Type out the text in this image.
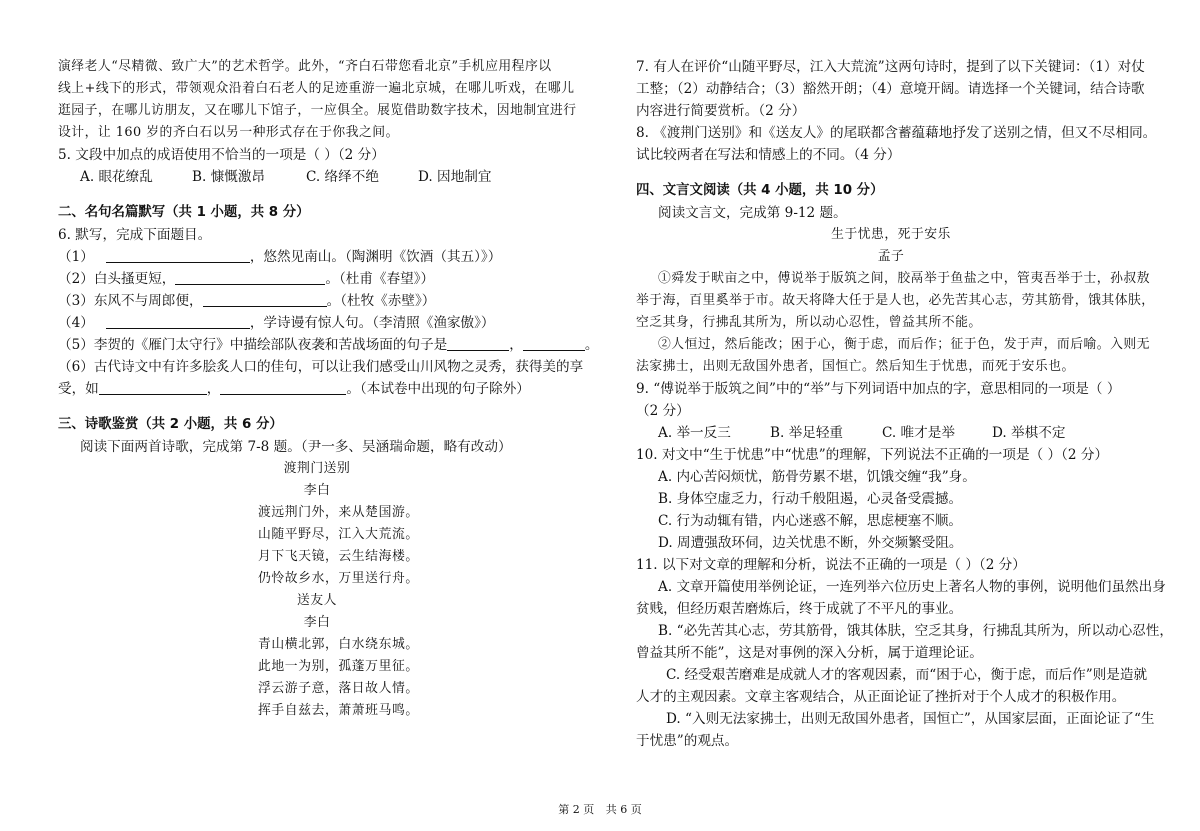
演绎老人“尽精微、致广大”的艺术哲学。此外，“齐白石带您看北京”手机应用程序以
线上+线下的形式，带领观众沿着白石老人的足迹重游一遍北京城，在哪儿听戏，在哪儿
逛园子，在哪儿访朋友，又在哪儿下馆子，一应俱全。展览借助数字技术，因地制宜进行
设计，让 160 岁的齐白石以另一种形式存在于你我之间。
5. 文段中加点的成语使用不恰当的一项是（ ）（2 分）
A. 眼花缭乱	B. 慷慨激昂	C. 络绎不绝	D. 因地制宜
二、名句名篇默写（共 1 小题，共 8 分）
6. 默写，完成下面题目。
（1）	，悠然见南山。（陶渊明《饮酒（其五）》）
（2）白头搔更短，	。（杜甫《春望》）
（3）东风不与周郎便，	。（杜牧《赤壁》）
（4）	，学诗谩有惊人句。（李清照《渔家傲》）
（5）李贺的《雁门太守行》中描绘部队夜袭和苦战场面的句子是	，	。
（6）古代诗文中有许多脍炙人口的佳句，可以让我们感受山川风物之灵秀，获得美的享
受，如	，	。（本试卷中出现的句子除外）
三、诗歌鉴赏（共 2 小题，共 6 分）
阅读下面两首诗歌，完成第 7-8 题。（尹一多、吴涵瑞命题，略有改动）
渡荆门送别
李白
渡远荆门外，来从楚国游。
山随平野尽，江入大荒流。
月下飞天镜，云生结海楼。
仍怜故乡水，万里送行舟。
送友人
李白
青山横北郭，白水绕东城。
此地一为别，孤蓬万里征。
浮云游子意，落日故人情。
挥手自兹去，萧萧班马鸣。
7. 有人在评价“山随平野尽，江入大荒流”这两句诗时，提到了以下关键词：（1）对仗
工整；（2）动静结合；（3）豁然开朗；（4）意境开阔。请选择一个关键词，结合诗歌
内容进行简要赏析。（2 分）
8. 《渡荆门送别》和《送友人》的尾联都含蓄蕴藉地抒发了送别之情，但又不尽相同。
试比较两者在写法和情感上的不同。（4 分）
四、文言文阅读（共 4 小题，共 10 分）
阅读文言文，完成第 9-12 题。
生于忧患，死于安乐
孟子
①舜发于畎亩之中，傅说举于版筑之间，胶鬲举于鱼盐之中，管夷吾举于士，孙叔敖
举于海，百里奚举于市。故天将降大任于是人也，必先苦其心志，劳其筋骨，饿其体肤，
空乏其身，行拂乱其所为，所以动心忍性，曾益其所不能。
②人恒过，然后能改；困于心，衡于虑，而后作；征于色，发于声，而后喻。入则无
法家拂士，出则无敌国外患者，国恒亡。然后知生于忧患，而死于安乐也。
9. “傅说举于版筑之间”中的“举”与下列词语中加点的字，意思相同的一项是（ ）
（2 分）
A. 举一反三	B. 举足轻重	C. 唯才是举	D. 举棋不定
10. 对文中“生于忧患”中“忧患”的理解，下列说法不正确的一项是（ ）（2 分）
A. 内心苦闷烦忧，筋骨劳累不堪，饥饿交缠“我”身。
B. 身体空虚乏力，行动千般阻遏，心灵备受震撼。
C. 行为动辄有错，内心迷惑不解，思虑梗塞不顺。
D. 周遭强敌环伺，边关忧患不断，外交频繁受阻。
11. 以下对文章的理解和分析，说法不正确的一项是（ ）（2 分）
A. 文章开篇使用举例论证，一连列举六位历史上著名人物的事例，说明他们虽然出身
贫贱，但经历艰苦磨炼后，终于成就了不平凡的事业。
B. “必先苦其心志，劳其筋骨，饿其体肤，空乏其身，行拂乱其所为，所以动心忍性，
曾益其所不能”，这是对事例的深入分析，属于道理论证。
C. 经受艰苦磨难是成就人才的客观因素，而“困于心，衡于虑，而后作”则是造就
人才的主观因素。文章主客观结合，从正面论证了挫折对于个人成才的积极作用。
D. “入则无法家拂士，出则无敌国外患者，国恒亡”，从国家层面，正面论证了“生
于忧患”的观点。
第 2 页 共 6 页
